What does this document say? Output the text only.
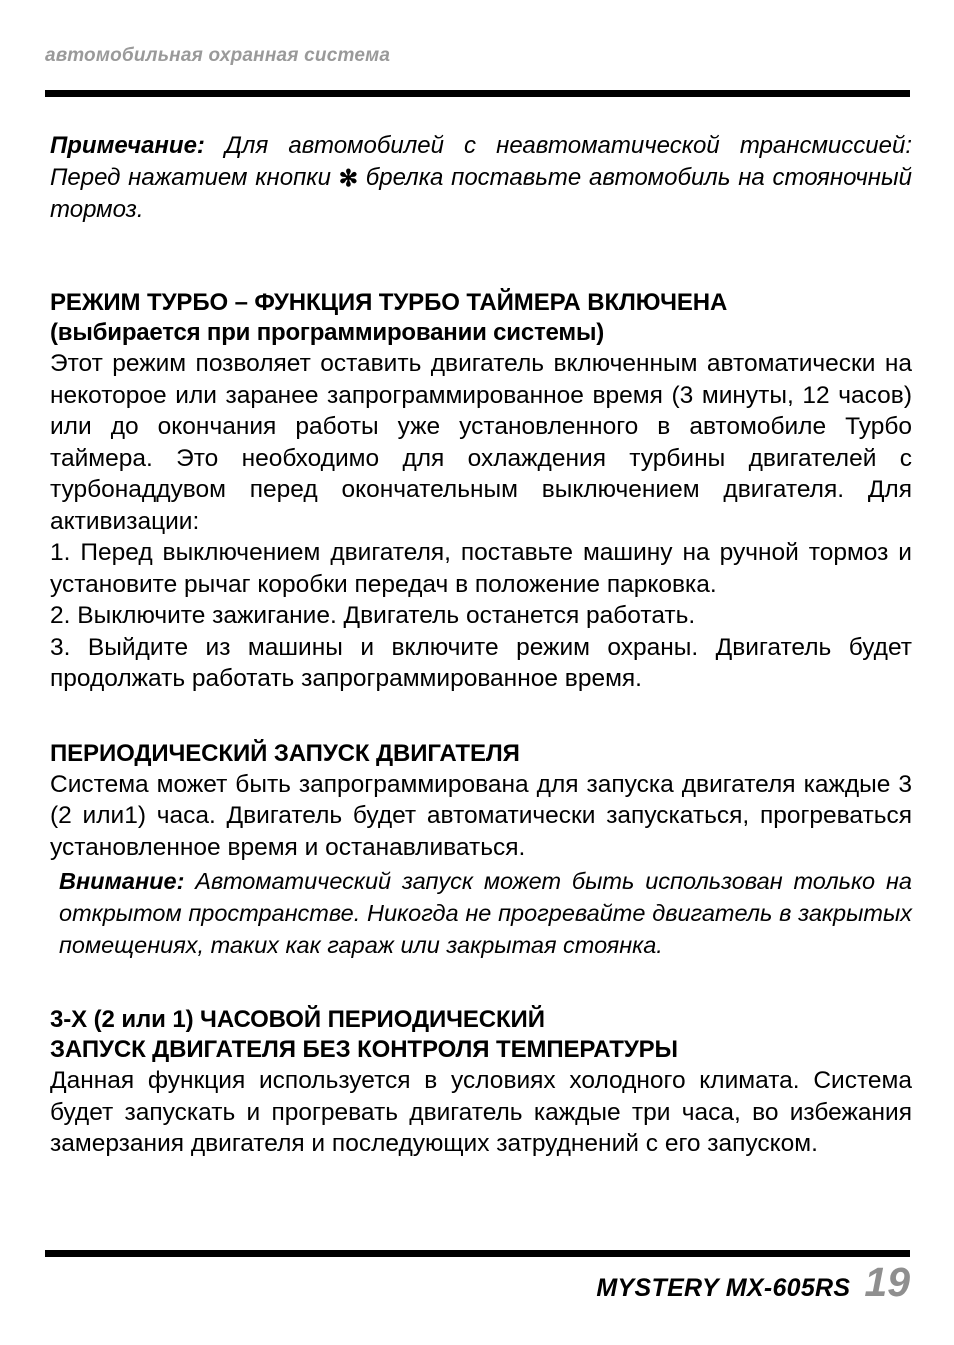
автомобильная охранная система

Примечание: Для автомобилей с неавтоматической трансмиссией: Перед нажатием кнопки ✻ брелка поставьте автомобиль на стояночный тормоз.

РЕЖИМ ТУРБО – ФУНКЦИЯ ТУРБО ТАЙМЕРА ВКЛЮЧЕНА
(выбирается при программировании системы)

Этот режим позволяет оставить двигатель включенным автоматически на некоторое или заранее запрограммированное время (3 минуты, 12 часов) или до окончания работы уже установленного в автомобиле Турбо таймера. Это необходимо для охлаждения турбины двигателей с турбонаддувом перед окончательным выключением двигателя. Для активизации:

1. Перед выключением двигателя, поставьте машину на ручной тормоз и установите рычаг коробки передач в положение парковка.

2. Выключите зажигание. Двигатель останется работать.

3. Выйдите из машины и включите режим охраны. Двигатель будет продолжать работать запрограммированное время.

ПЕРИОДИЧЕСКИЙ ЗАПУСК ДВИГАТЕЛЯ

Система может быть запрограммирована для запуска двигателя каждые 3 (2 или1) часа. Двигатель будет автоматически запускаться, прогреваться установленное время и останавливаться.

Внимание: Автоматический запуск может быть использован только на открытом пространстве. Никогда не прогревайте двигатель в закрытых помещениях, таких как гараж или закрытая стоянка.

3-Х (2 или 1) ЧАСОВОЙ ПЕРИОДИЧЕСКИЙ
ЗАПУСК ДВИГАТЕЛЯ БЕЗ КОНТРОЛЯ ТЕМПЕРАТУРЫ

Данная функция используется в условиях холодного климата. Система будет запускать и прогревать двигатель каждые три часа, во избежания замерзания двигателя и последующих затруднений с его запуском.

MYSTERY MX-605RS 19
